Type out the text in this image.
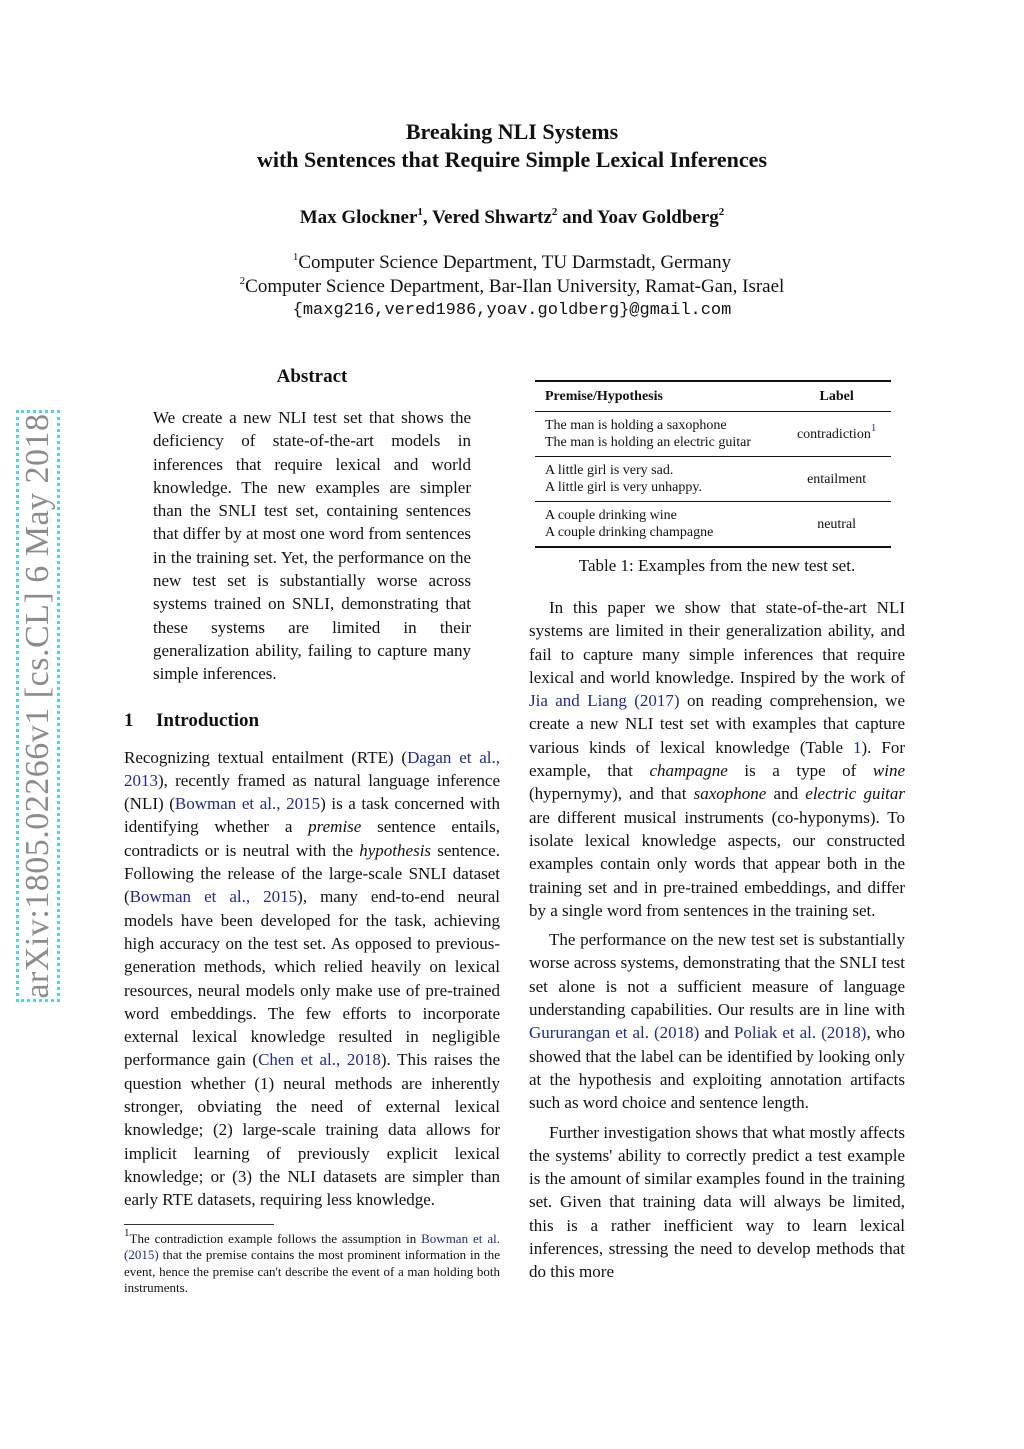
Breaking NLI Systems
with Sentences that Require Simple Lexical Inferences
Max Glockner$^1$, Vered Shwartz$^2$ and Yoav Goldberg$^2$
$^1$Computer Science Department, TU Darmstadt, Germany
$^2$Computer Science Department, Bar-Ilan University, Ramat-Gan, Israel
{maxg216,vered1986,yoav.goldberg}@gmail.com
arXiv:1805.02266v1 [cs.CL] 6 May 2018
Abstract

We create a new NLI test set that shows the deficiency of state-of-the-art models in inferences that require lexical and world knowledge. The new examples are simpler than the SNLI test set, containing sentences that differ by at most one word from sentences in the training set. Yet, the performance on the new test set is substantially worse across systems trained on SNLI, demonstrating that these systems are limited in their generalization ability, failing to capture many simple inferences.

1 Introduction

Recognizing textual entailment (RTE) (Dagan et al., 2013), recently framed as natural language inference (NLI) (Bowman et al., 2015) is a task concerned with identifying whether a premise sentence entails, contradicts or is neutral with the hypothesis sentence. Following the release of the large-scale SNLI dataset (Bowman et al., 2015), many end-to-end neural models have been developed for the task, achieving high accuracy on the test set. As opposed to previous-generation methods, which relied heavily on lexical resources, neural models only make use of pre-trained word embeddings. The few efforts to incorporate external lexical knowledge resulted in negligible performance gain (Chen et al., 2018). This raises the question whether (1) neural methods are inherently stronger, obviating the need of external lexical knowledge; (2) large-scale training data allows for implicit learning of previously explicit lexical knowledge; or (3) the NLI datasets are simpler than early RTE datasets, requiring less knowledge.

$^1$The contradiction example follows the assumption in Bowman et al. (2015) that the premise contains the most prominent information in the event, hence the premise can't describe the event of a man holding both instruments.

Premise/Hypothesis	Label

The man is holding a saxophone
The man is holding an electric guitar	contradiction$^1$

A little girl is very sad.
A little girl is very unhappy.	entailment

A couple drinking wine
A couple drinking champagne	neutral
Table 1: Examples from the new test set.

In this paper we show that state-of-the-art NLI systems are limited in their generalization ability, and fail to capture many simple inferences that require lexical and world knowledge. Inspired by the work of Jia and Liang (2017) on reading comprehension, we create a new NLI test set with examples that capture various kinds of lexical knowledge (Table 1). For example, that champagne is a type of wine (hypernymy), and that saxophone and electric guitar are different musical instruments (co-hyponyms). To isolate lexical knowledge aspects, our constructed examples contain only words that appear both in the training set and in pre-trained embeddings, and differ by a single word from sentences in the training set.

The performance on the new test set is substantially worse across systems, demonstrating that the SNLI test set alone is not a sufficient measure of language understanding capabilities. Our results are in line with Gururangan et al. (2018) and Poliak et al. (2018), who showed that the label can be identified by looking only at the hypothesis and exploiting annotation artifacts such as word choice and sentence length.

Further investigation shows that what mostly affects the systems' ability to correctly predict a test example is the amount of similar examples found in the training set. Given that training data will always be limited, this is a rather inefficient way to learn lexical inferences, stressing the need to develop methods that do this more
